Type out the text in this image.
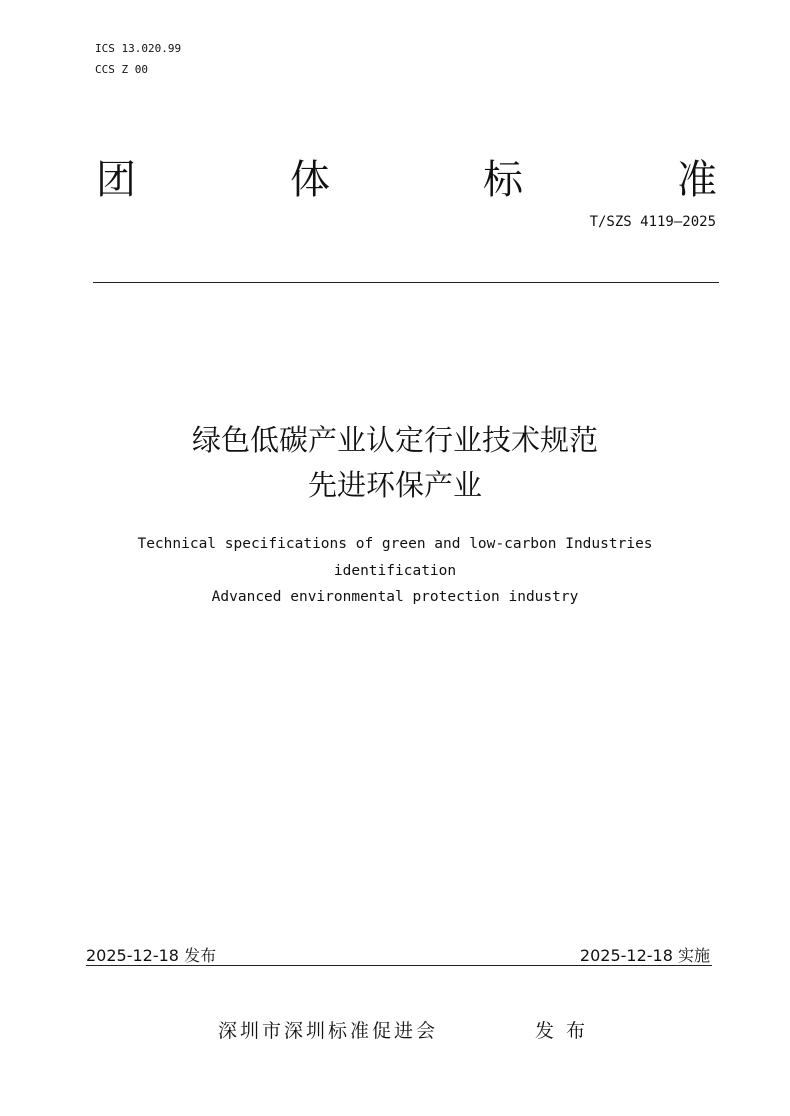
ICS 13.020.99
CCS Z 00
团	体	标	准
T/SZS 4119—2025
绿色低碳产业认定行业技术规范
先进环保产业
Technical specifications of green and low-carbon Industries
identification
Advanced environmental protection industry
2025-12-18 发布	2025-12-18 实施
深圳市深圳标准促进会	发 布
